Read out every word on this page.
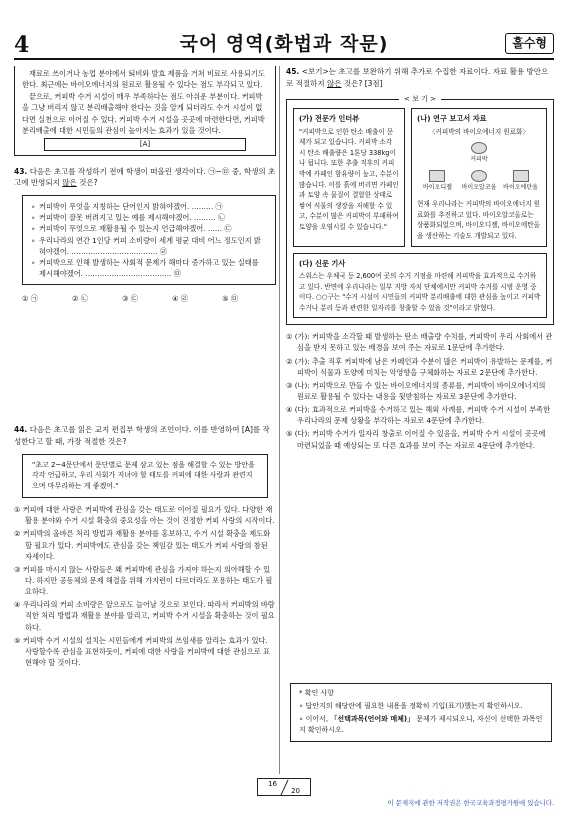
4	국어 영역(화법과 작문)	홀수형

재료로 쓰이거나 농업 분야에서 퇴비와 발효 제품을 거쳐 비료로 사용되기도 한다. 최근에는 바이오에너지의 원료로 활용될 수 있다는 점도 부각되고 있다.

끝으로, 커피박 수거 시설이 매우 부족하다는 점도 아쉬운 부분이다. 커피박을 그냥 버리지 않고 분리배출해야 한다는 것을 알게 되더라도 수거 시설이 없다면 실천으로 이어질 수 있다. 커피박 수거 시설을 곳곳에 마련한다면, 커피박 분리배출에 대한 시민들의 관심이 높아지는 효과가 있을 것이다.

[A]
43. 다음은 초고를 작성하기 전에 학생이 떠올린 생각이다. ㉠~㉤ 중, 학생의 초고에 반영되지 않은 것은?
∘ 커피박이 무엇을 지칭하는 단어인지 밝혀야겠어. ……… ㉠
∘ 커피박이 잘못 버려지고 있는 예를 제시해야겠어. ……… ㉡
∘ 커피박이 무엇으로 재활용될 수 있는지 언급해야겠어. …… ㉢
∘ 우리나라의 연간 1인당 커피 소비량이 세계 평균 대비 어느 정도인지 밝혀야겠어. ……………………………… ㉣
∘ 커피박으로 인해 발생하는 사회적 문제가 해마다 증가하고 있는 실태를 제시해야겠어. ……………………………… ㉤
① ㉠	② ㉡	③ ㉢	④ ㉣	⑤ ㉤
44. 다음은 초고를 읽은 교지 편집부 학생의 조언이다. 이를 반영하여 [A]를 작성한다고 할 때, 가장 적절한 것은?
"초고 2~4문단에서 문단별로 문제 삼고 있는 점을 해결할 수 있는 방안을 각각 언급하고, 우리 사회가 지녀야 할 태도를 커피에 대한 사랑과 관련지으며 마무리하는 게 좋겠어."
① 커피에 대한 사랑은 커피박에 관심을 갖는 태도로 이어질 필요가 있다. 다양한 재활용 분야와 수거 시설 확충의 중요성을 아는 것이 진정한 커피 사랑의 시작이다.
② 커피박의 올바른 처리 방법과 재활용 분야를 홍보하고, 수거 시설 확충을 제도화할 필요가 있다. 커피박에도 관심을 갖는 책임감 있는 태도가 커피 사랑의 참된 자세이다.
③ 커피를 마시지 않는 사람들은 왜 커피박에 관심을 가져야 하는지 의아해할 수 있다. 하지만 공동체의 문제 해결을 위해 가지런이 다르더라도 포용하는 태도가 필요하다.
④ 우리나라의 커피 소비량은 앞으로도 늘어날 것으로 보인다. 따라서 커피박의 바람직한 처리 방법과 재활용 분야를 알리고, 커피박 수거 시설을 확충하는 것이 필요하다.
⑤ 커피박 수거 시설의 설치는 시민들에게 커피박의 쓰임새를 알리는 효과가 있다. 사랑할수록 관심을 표현하듯이, 커피에 대한 사랑을 커피박에 대한 관심으로 표현해야 할 것이다.
45. <보기>는 초고를 보완하기 위해 추가로 수집한 자료이다. 자료 활용 방안으로 적절하지 않은 것은? [3점]
< 보 기 >
(가) 전문가 인터뷰
"커피박으로 인한 탄소 배출이 문제가 되고 있습니다. 커피박 소각 시 탄소 배출량은 1톤당 338kg이나 됩니다. 또한 추출 직후의 커피박에 카페인 함유량이 높고, 수분이 많습니다. 이를 흙에 버리면 카페인과 토양 속 물질이 결합한 상태로 쌓여 식물의 생장을 저해할 수 있고, 수분이 많은 커피박이 부패하여 토양을 오염시킬 수 있습니다."
(나) 연구 보고서 자료
〈커피박의 바이오에너지 원료화〉
커피박
바이오디젤	바이오알코올	바이오에탄올
현재 우리나라는 커피박의 바이오에너지 원료화를 추진하고 있다. 바이오알코올로는 상품화되었으며, 바이오디젤, 바이오에탄올을 생산하는 기술도 개발되고 있다.
(다) 신문 기사
스위스는 우체국 등 2,600여 곳의 수거 거점을 마련해 커피박을 효과적으로 수거하고 있다. 반면에 우리나라는 일부 지방 자치 단체에서만 커피박 수거를 시범 운영 중이다. ○○구는 "수거 시설이 시민들의 커피박 분리배출에 대한 관심을 높이고 커피박 수거나 분리 등과 관련한 일자리를 창출할 수 있을 것"이라고 밝혔다.
① (가): 커피박을 소각할 때 발생하는 탄소 배출량 수치를, 커피박이 우리 사회에서 관심을 받지 못하고 있는 배경을 보여 주는 자료로 1문단에 추가한다.
② (가): 추출 직후 커피박에 남은 카페인과 수분이 많은 커피박이 유발하는 문제를, 커피박이 식물과 토양에 미치는 악영향을 구체화하는 자료로 2문단에 추가한다.
③ (나): 커피박으로 만들 수 있는 바이오에너지의 종류를, 커피박이 바이오에너지의 원료로 활용될 수 있다는 내용을 뒷받침하는 자료로 3문단에 추가한다.
④ (다): 효과적으로 커피박을 수거하고 있는 해외 사례를, 커피박 수거 시설이 부족한 우리나라의 문제 상황을 부각하는 자료로 4문단에 추가한다.
⑤ (다): 커피박 수거가 일자리 창출로 이어질 수 있음을, 커피박 수거 시설이 곳곳에 마련되었을 때 예상되는 또 다른 효과를 보여 주는 자료로 4문단에 추가한다.
* 확인 사항
∘ 답안지의 해당란에 필요한 내용을 정확히 기입(표기)했는지 확인하시오.
∘ 이어서, 「선택과목(언어와 매체)」 문제가 제시되오니, 자신이 선택한 과목인지 확인하시오.
16
20
이 문제지에 관한 저작권은 한국교육과정평가원에 있습니다.
